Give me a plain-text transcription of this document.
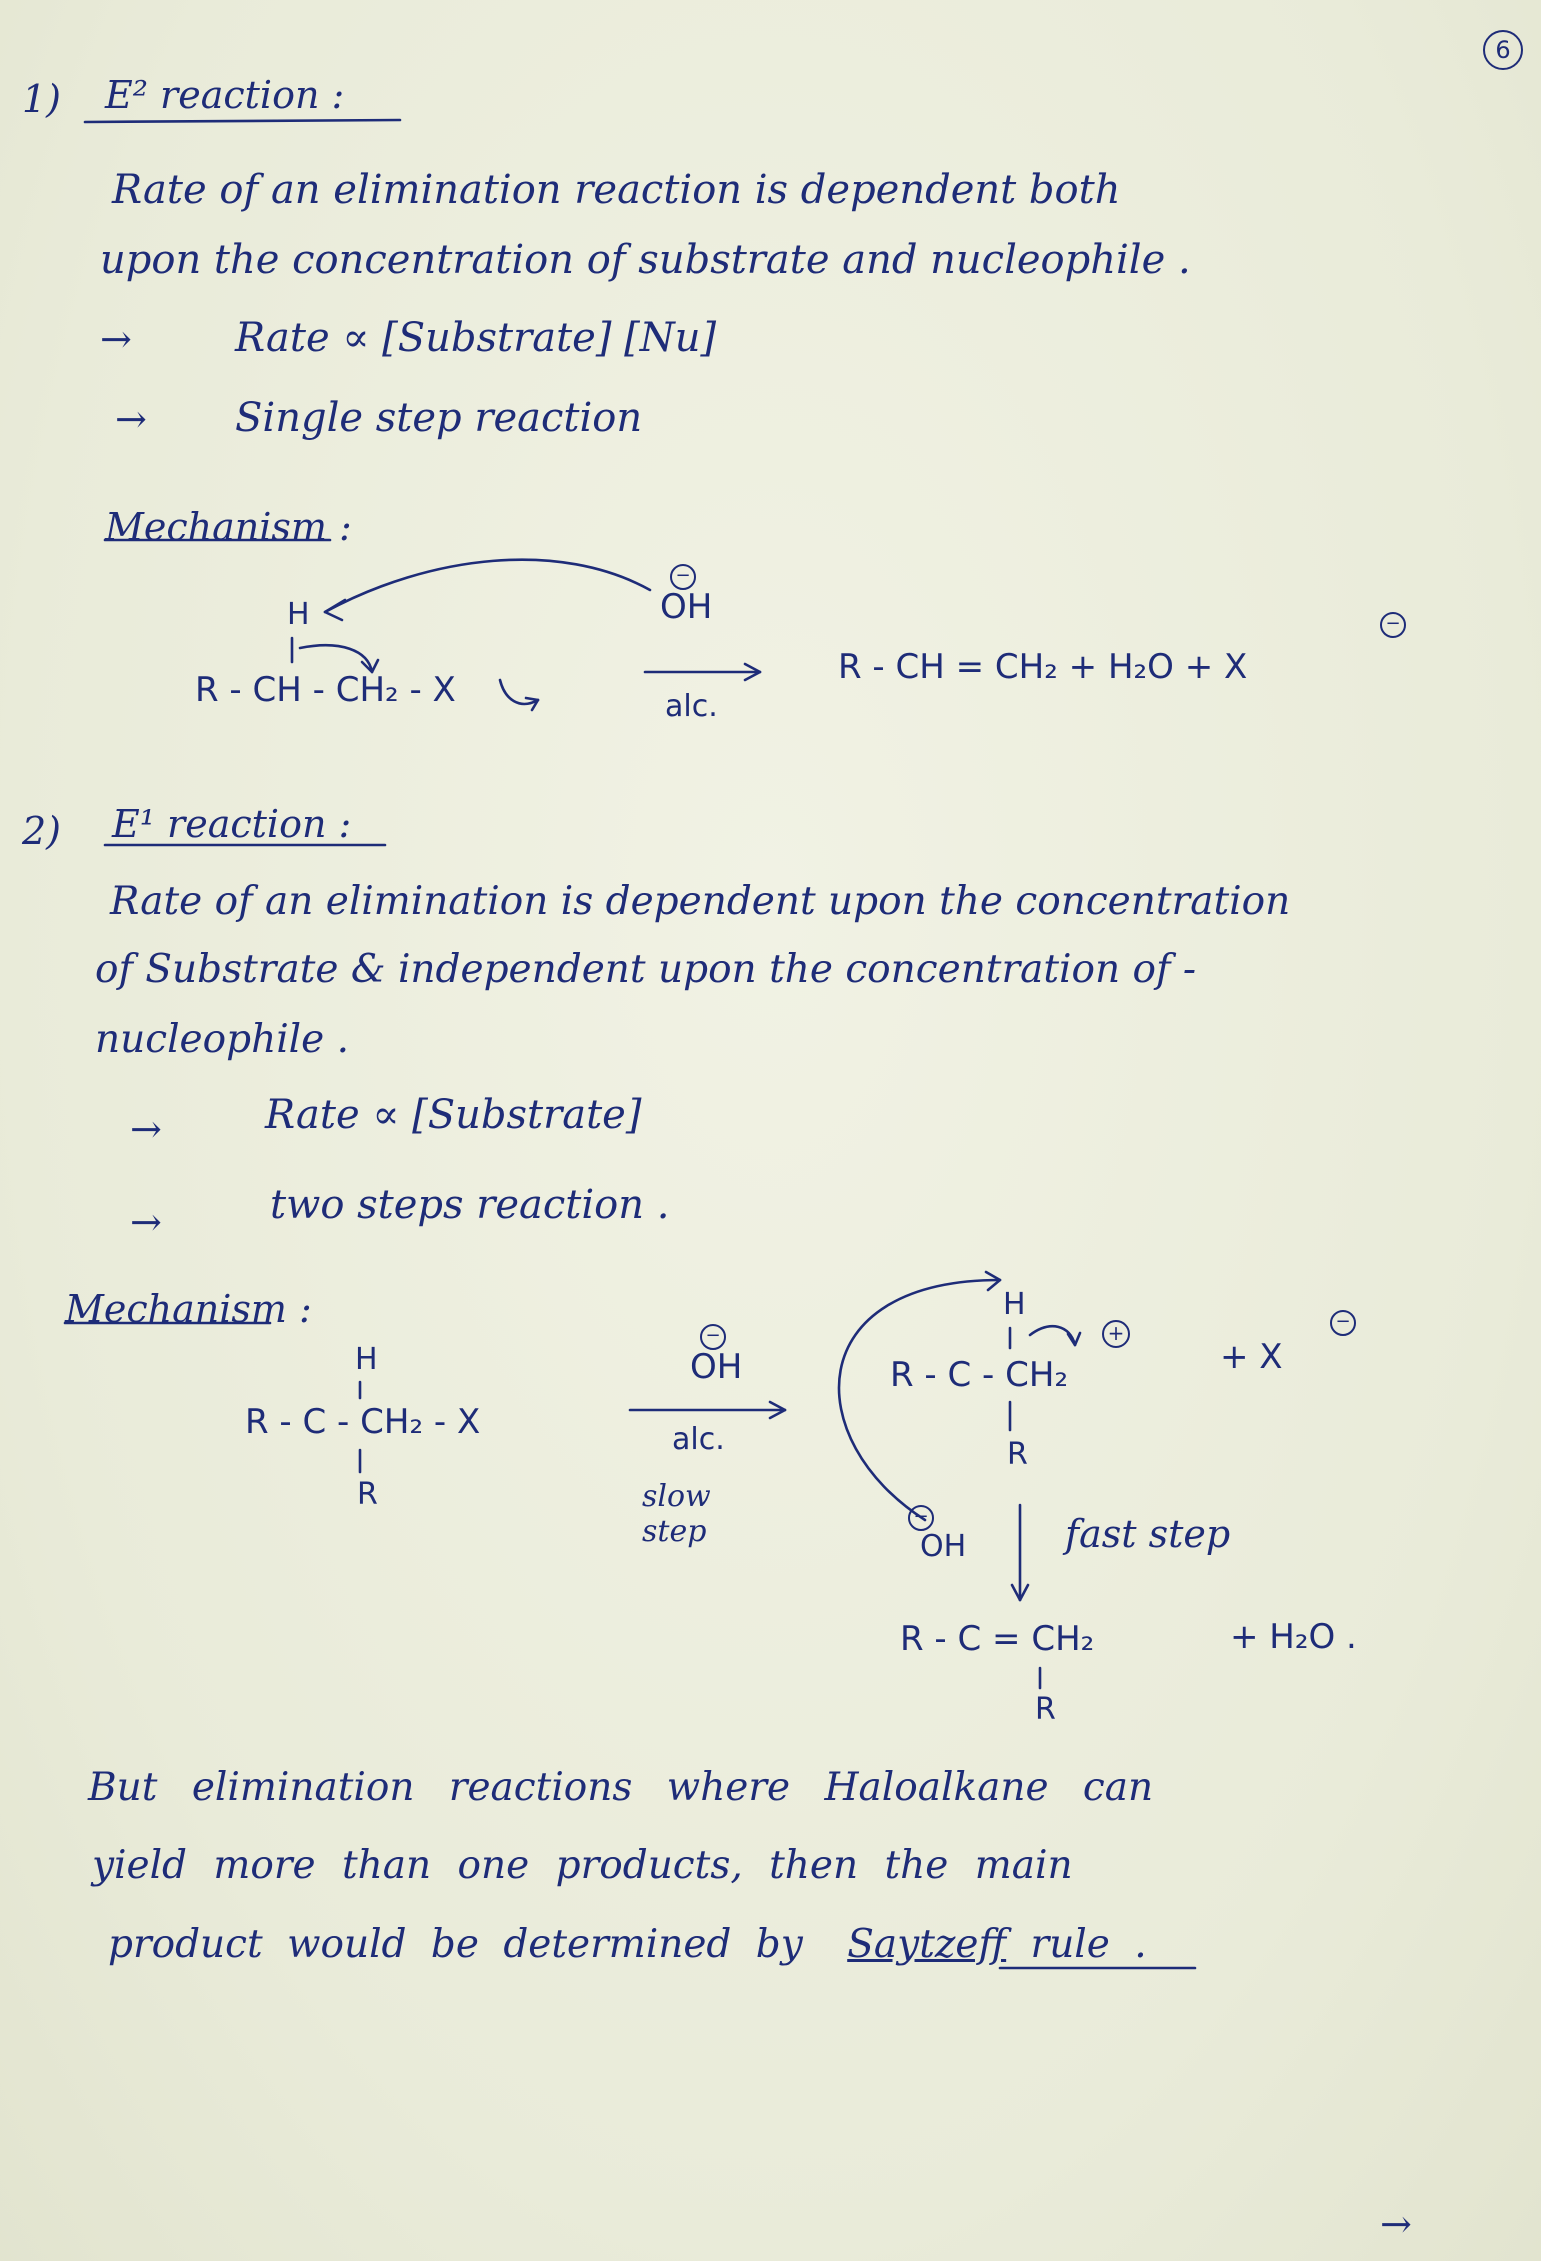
6
1) E² reaction :
Rate of an elimination reaction is dependent both
upon the concentration of substrate and nucleophile .
→	Rate ∝ [Substrate] [Nu]
→ Single step reaction
Mechanism :
H
R - CH - CH₂ - X
−
OH
alc.
R - CH = CH₂ + H₂O + X
−
2) E¹ reaction :
Rate of an elimination is dependent upon the concentration
of Substrate & independent upon the concentration of -
nucleophile .
→	Rate ∝ [Substrate]
→	two steps reaction .
Mechanism :
H
R - C - CH₂ - X
R
−
OH
alc.
slow step
H
R - C - CH₂
+
R
+ X
−
OH
−	fast step
R - C = CH₂
R
+ H₂O .
But elimination reactions where Haloalkane can
yield more than one products, then the main
product would be determined by Saytzeff rule .
→
